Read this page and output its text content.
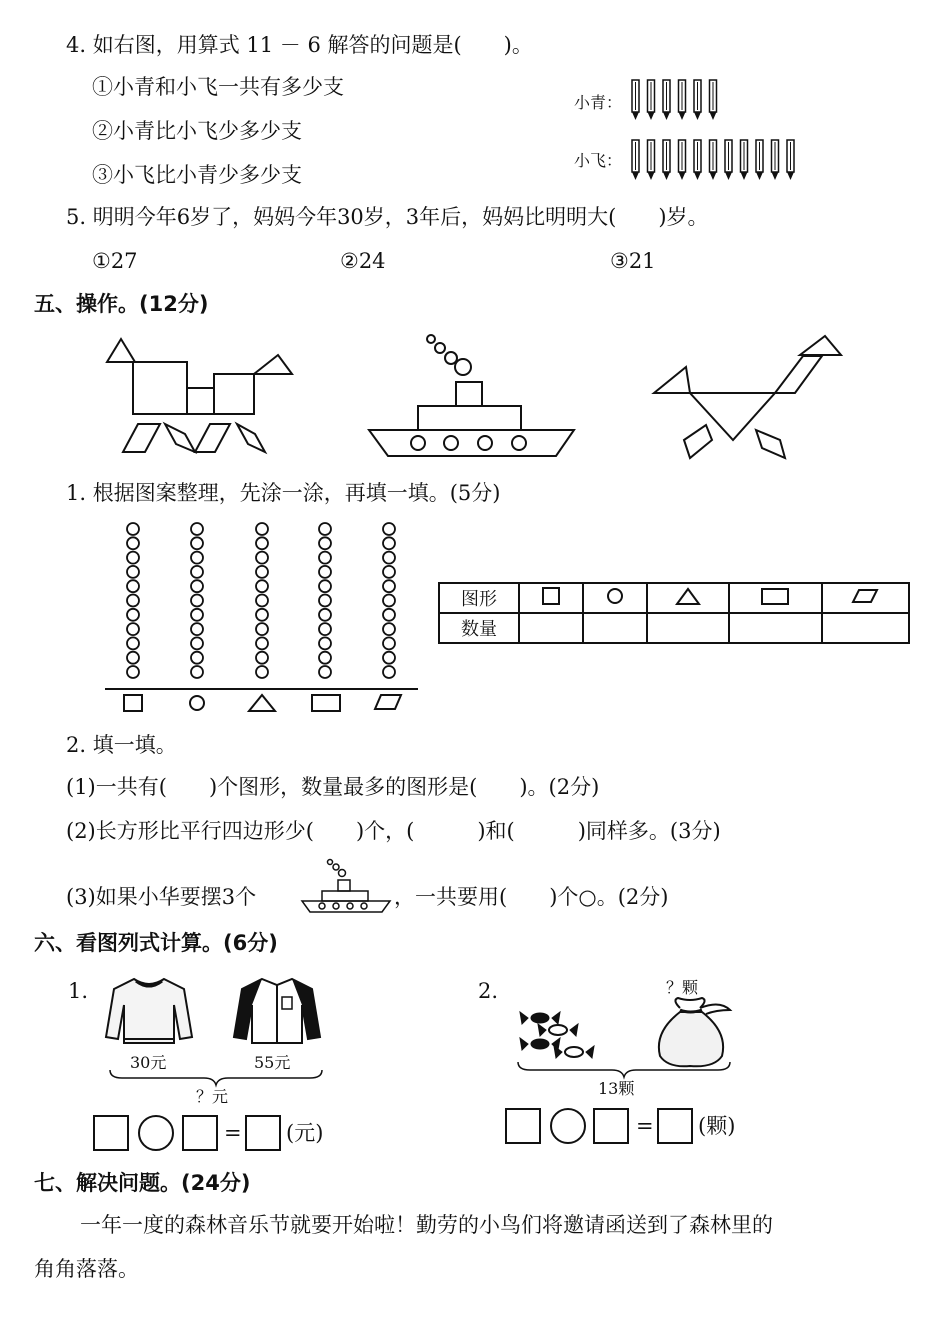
4. 如右图，用算式 11 － 6 解答的问题是(　　)。
①小青和小飞一共有多少支
②小青比小飞少多少支
③小飞比小青少多少支
小青：
小飞：
5. 明明今年6岁了，妈妈今年30岁，3年后，妈妈比明明大(　　)岁。
①27	②24	③21
五、操作。(12分)
1. 根据图案整理，先涂一涂，再填一填。(5分)
图形					
数量					
2. 填一填。
(1)一共有(　　)个图形，数量最多的图形是(　　)。(2分)
(2)长方形比平行四边形少(　　)个，(　　　)和(　　　)同样多。(3分)
(3)如果小华要摆3个	，一共要用(　　)个○。(2分)
六、看图列式计算。(6分)
1.
30元	55元
？元
= (元)
2.	？颗
13颗
= (颗)
七、解决问题。(24分)
一年一度的森林音乐节就要开始啦！勤劳的小鸟们将邀请函送到了森林里的
角角落落。
